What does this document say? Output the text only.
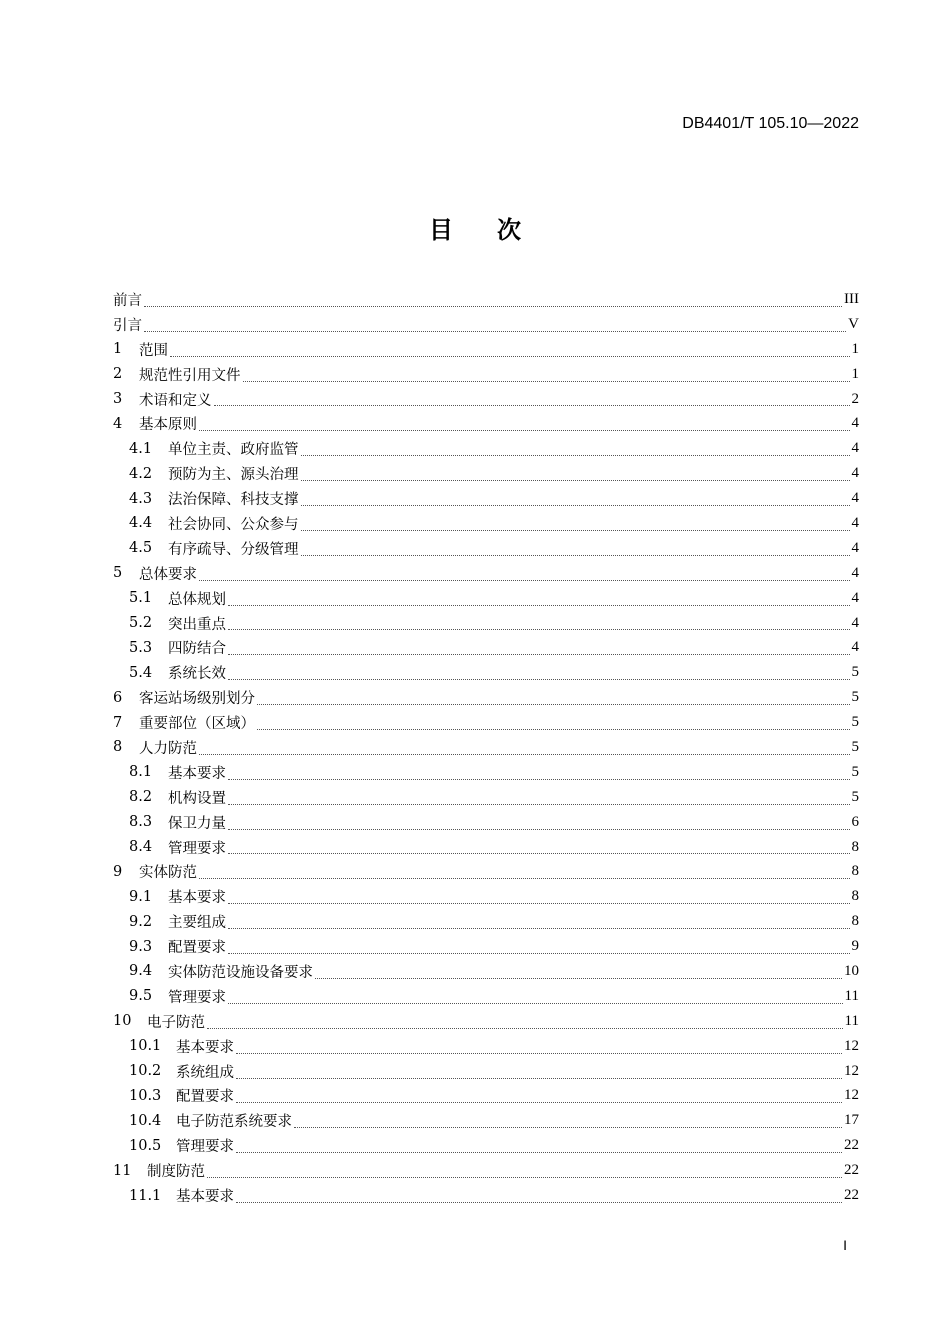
DB4401/T 105.10—2022
目次
前言	III
引言	V
1	范围	1
2	规范性引用文件	1
3	术语和定义	2
4	基本原则	4
4.1	单位主责、政府监管	4
4.2	预防为主、源头治理	4
4.3	法治保障、科技支撑	4
4.4	社会协同、公众参与	4
4.5	有序疏导、分级管理	4
5	总体要求	4
5.1	总体规划	4
5.2	突出重点	4
5.3	四防结合	4
5.4	系统长效	5
6	客运站场级别划分	5
7	重要部位（区域）	5
8	人力防范	5
8.1	基本要求	5
8.2	机构设置	5
8.3	保卫力量	6
8.4	管理要求	8
9	实体防范	8
9.1	基本要求	8
9.2	主要组成	8
9.3	配置要求	9
9.4	实体防范设施设备要求	10
9.5	管理要求	11
10	电子防范	11
10.1	基本要求	12
10.2	系统组成	12
10.3	配置要求	12
10.4	电子防范系统要求	17
10.5	管理要求	22
11	制度防范	22
11.1	基本要求	22
I
